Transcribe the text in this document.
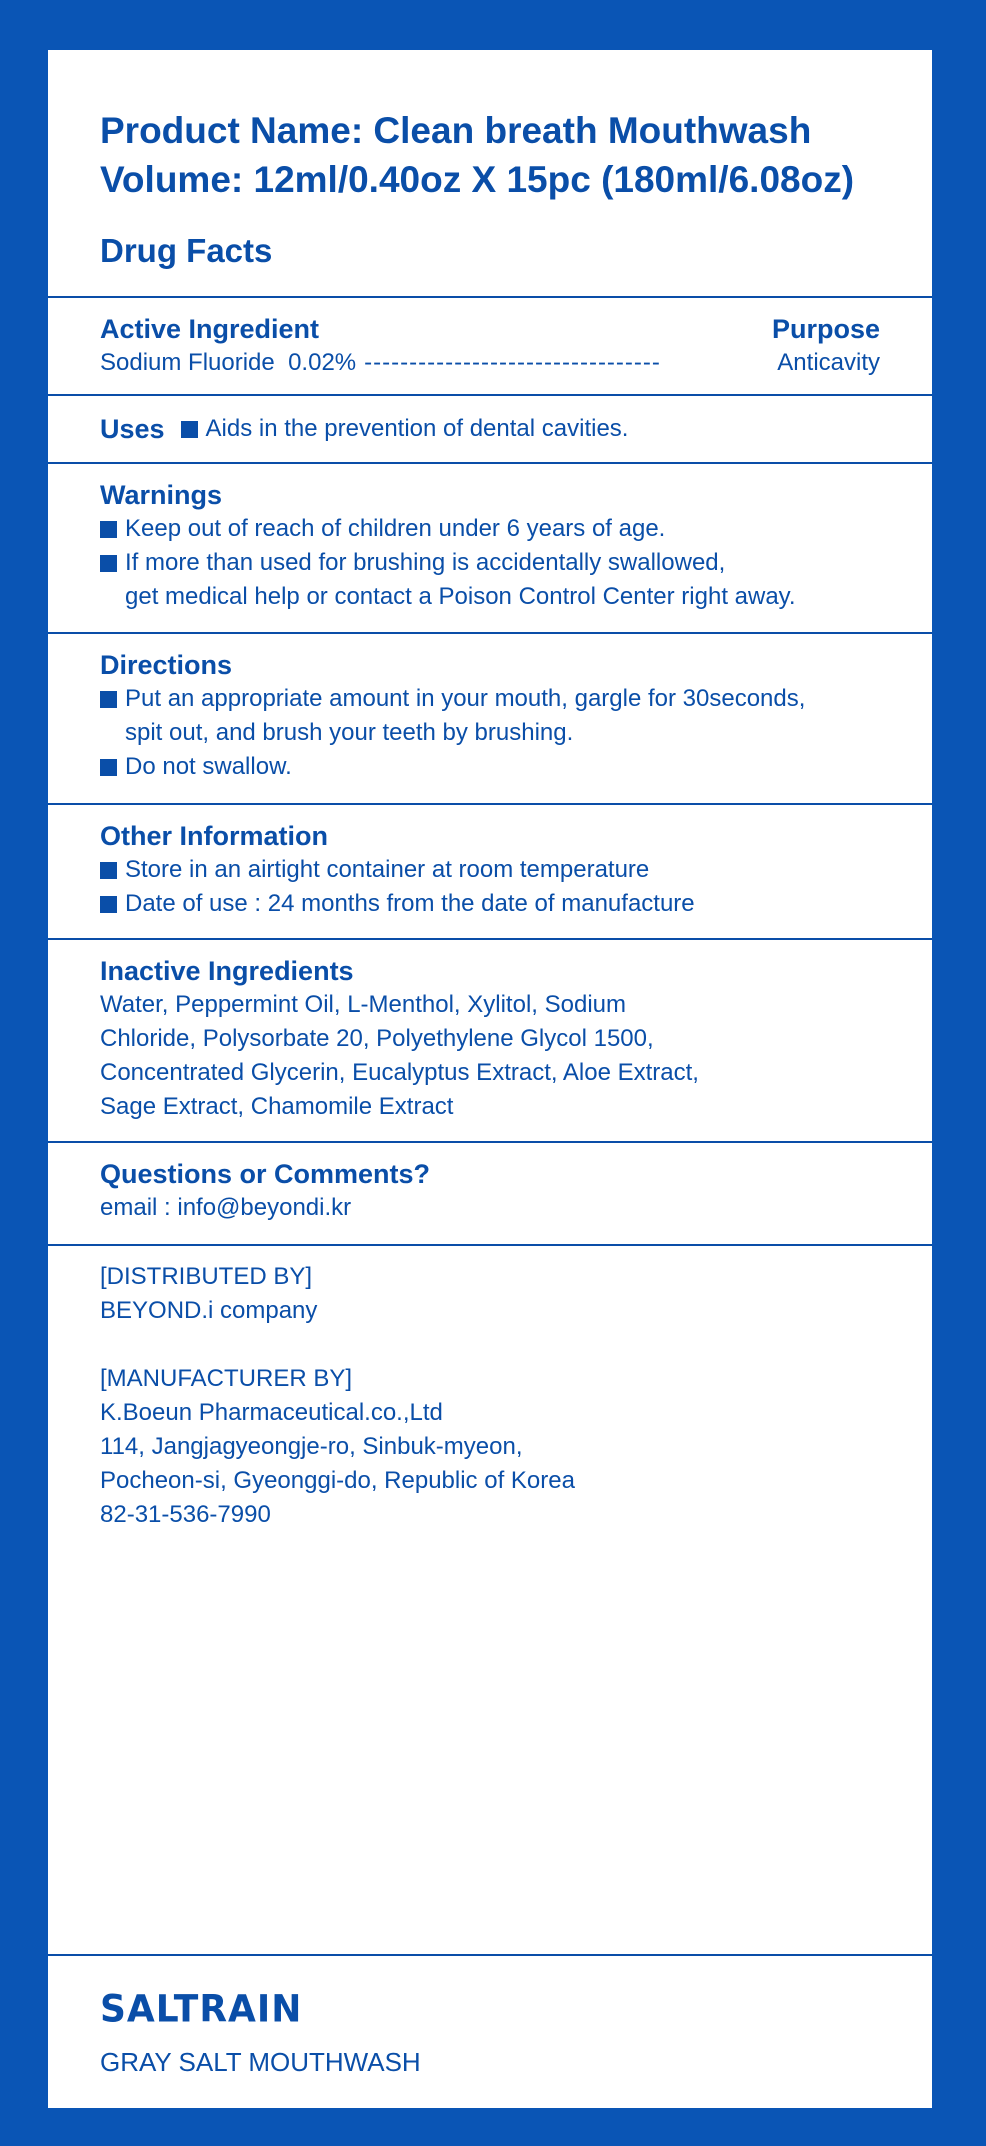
Product Name: Clean breath Mouthwash
Volume: 12ml/0.40oz X 15pc (180ml/6.08oz)
Drug Facts
Active Ingredient	Purpose
Sodium Fluoride  0.02% ---------------------------------	Anticavity
Uses Aids in the prevention of dental cavities.
Warnings
Keep out of reach of children under 6 years of age.
If more than used for brushing is accidentally swallowed,
get medical help or contact a Poison Control Center right away.
Directions
Put an appropriate amount in your mouth, gargle for 30seconds,
spit out, and brush your teeth by brushing.
Do not swallow.
Other Information
Store in an airtight container at room temperature
Date of use : 24 months from the date of manufacture
Inactive Ingredients
Water, Peppermint Oil, L-Menthol, Xylitol, Sodium
Chloride, Polysorbate 20, Polyethylene Glycol 1500,
Concentrated Glycerin, Eucalyptus Extract, Aloe Extract,
Sage Extract, Chamomile Extract
Questions or Comments?
email : info@beyondi.kr
[DISTRIBUTED BY]
BEYOND.i company
[MANUFACTURER BY]
K.Boeun Pharmaceutical.co.,Ltd
114, Jangjagyeongje-ro, Sinbuk-myeon,
Pocheon-si, Gyeonggi-do, Republic of Korea
82-31-536-7990
SALTRAIN
GRAY SALT MOUTHWASH
